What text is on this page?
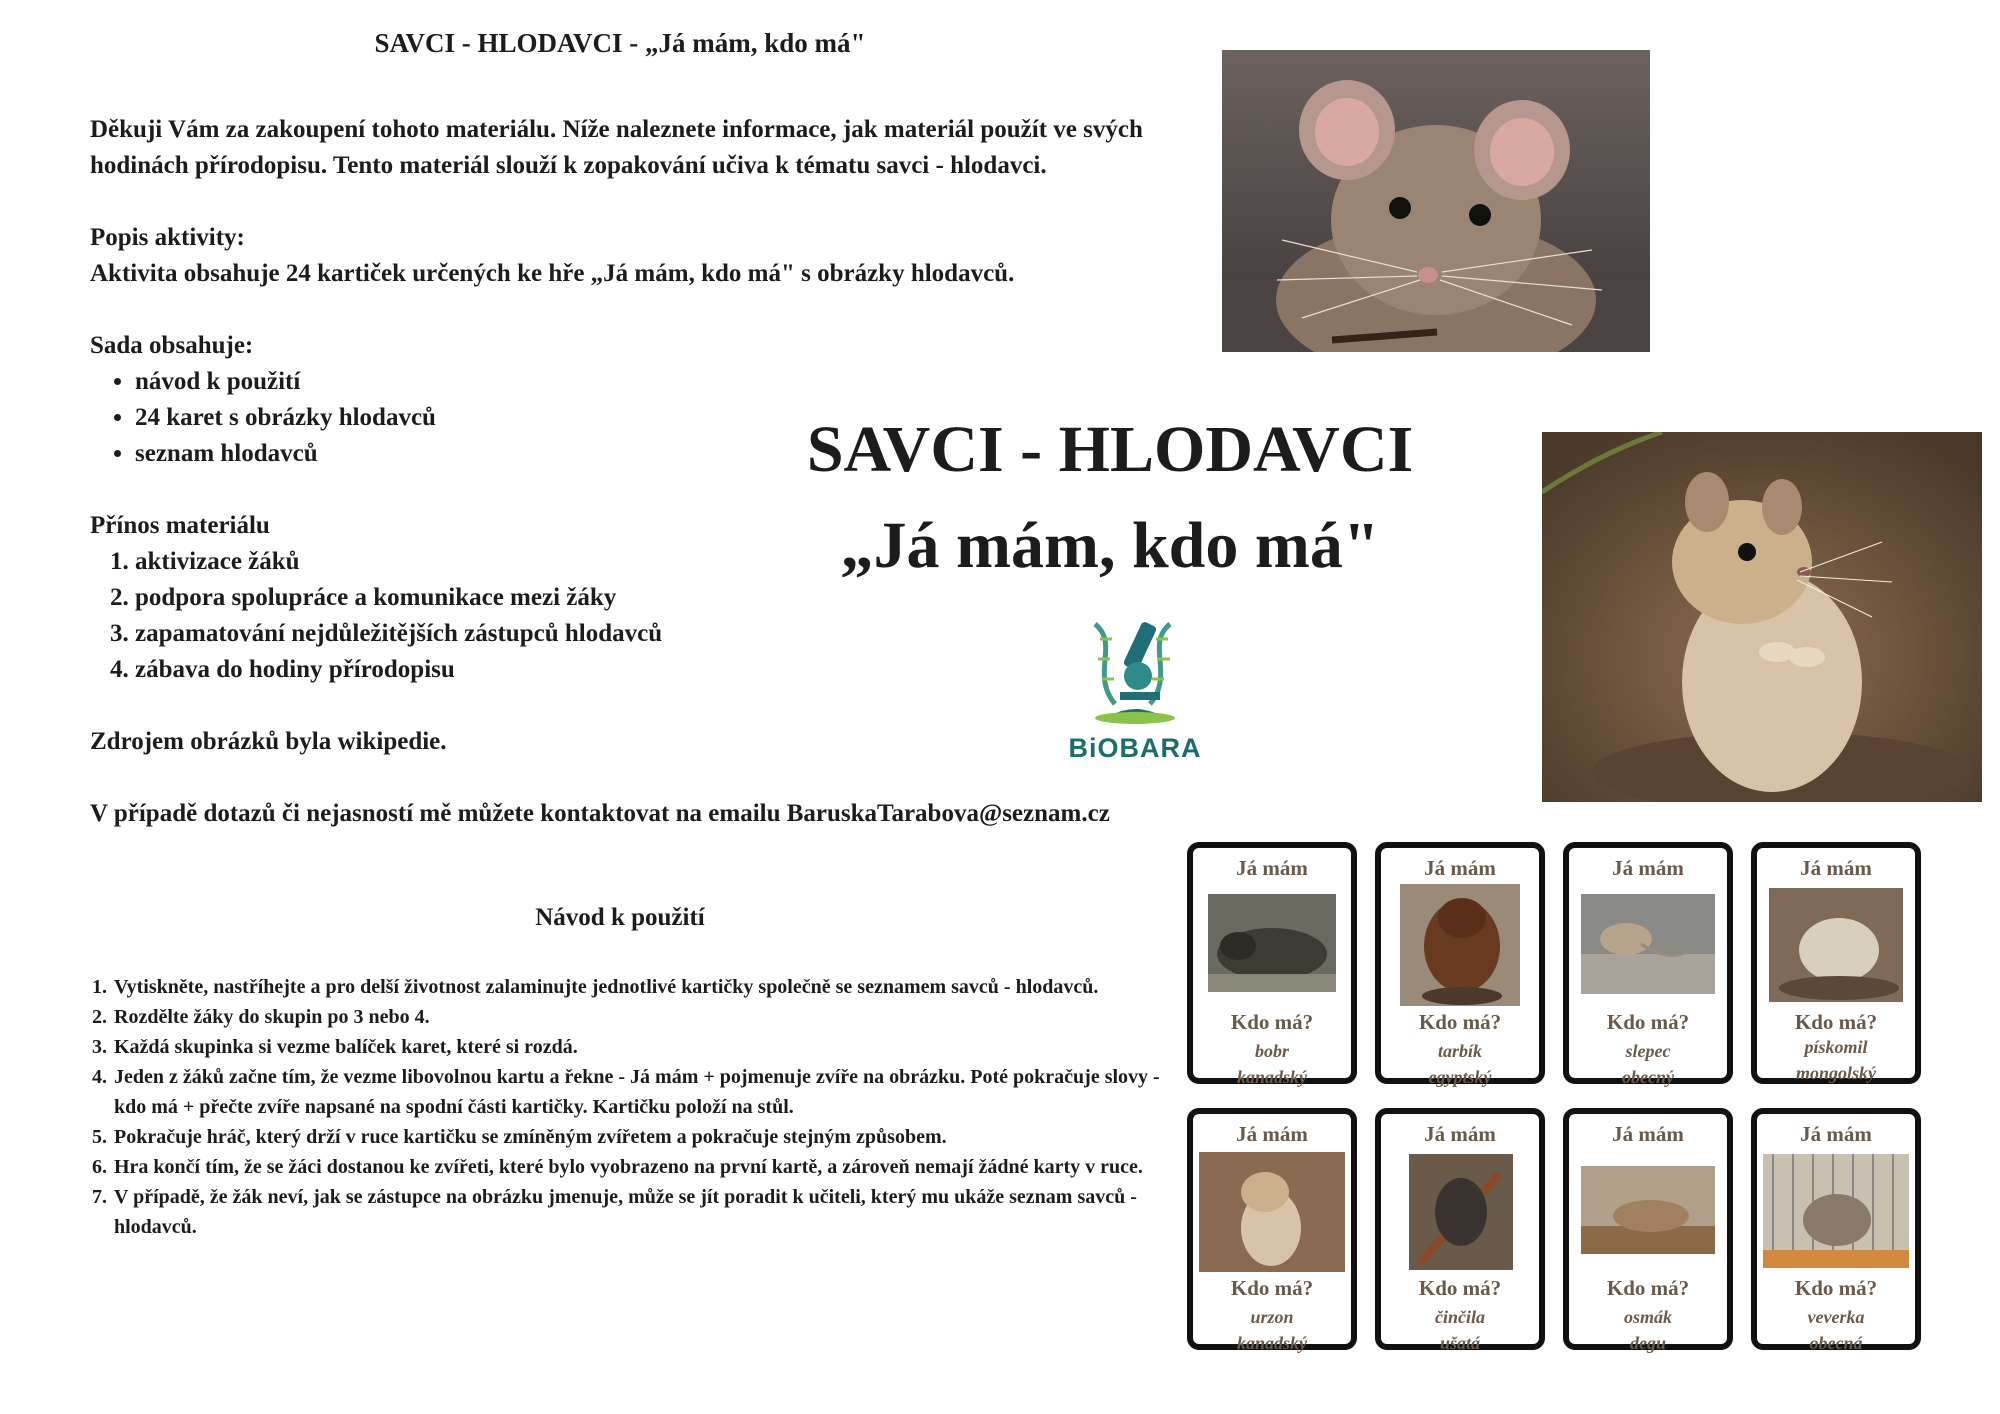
SAVCI - HLODAVCI - „Já mám, kdo má"

Děkuji Vám za zakoupení tohoto materiálu. Níže naleznete informace, jak materiál použít ve svých hodinách přírodopisu. Tento materiál slouží k zopakování učiva k tématu savci - hlodavci.

Popis aktivity:

Aktivita obsahuje 24 kartiček určených ke hře „Já mám, kdo má" s obrázky hlodavců.

Sada obsahuje:

• návod k použití
• 24 karet s obrázky hlodavců
• seznam hlodavců

Přínos materiálu

1. aktivizace žáků
2. podpora spolupráce a komunikace mezi žáky
3. zapamatování nejdůležitějších zástupců hlodavců
4. zábava do hodiny přírodopisu

Zdrojem obrázků byla wikipedie.

V případě dotazů či nejasností mě můžete kontaktovat na emailu BaruskaTarabova@seznam.cz

SAVCI - HLODAVCI
„Já mám, kdo má"
BiOBARA
Návod k použití
1. Vytiskněte, nastříhejte a pro delší životnost zalaminujte jednotlivé kartičky společně se seznamem savců - hlodavců.
2. Rozdělte žáky do skupin po 3 nebo 4.
3. Každá skupinka si vezme balíček karet, které si rozdá.
4. Jeden z žáků začne tím, že vezme libovolnou kartu a řekne - Já mám + pojmenuje zvíře na obrázku. Poté pokračuje slovy - kdo má + přečte zvíře napsané na spodní části kartičky. Kartičku položí na stůl.
5. Pokračuje hráč, který drží v ruce kartičku se zmíněným zvířetem a pokračuje stejným způsobem.
6. Hra končí tím, že se žáci dostanou ke zvířeti, které bylo vyobrazeno na první kartě, a zároveň nemají žádné karty v ruce.
7. V případě, že žák neví, jak se zástupce na obrázku jmenuje, může se jít poradit k učiteli, který mu ukáže seznam savců - hlodavců.
Já mám
Kdo má?
bobr
kanadský
Já mám
Kdo má?
tarbík
egyptský
Já mám
Kdo má?
slepec
obecný
Já mám
Kdo má?
pískomil
mongolský
Já mám
Kdo má?
urzon
kanadský
Já mám
Kdo má?
činčila
ušatá
Já mám
Kdo má?
osmák
degu
Já mám
Kdo má?
veverka
obecná
